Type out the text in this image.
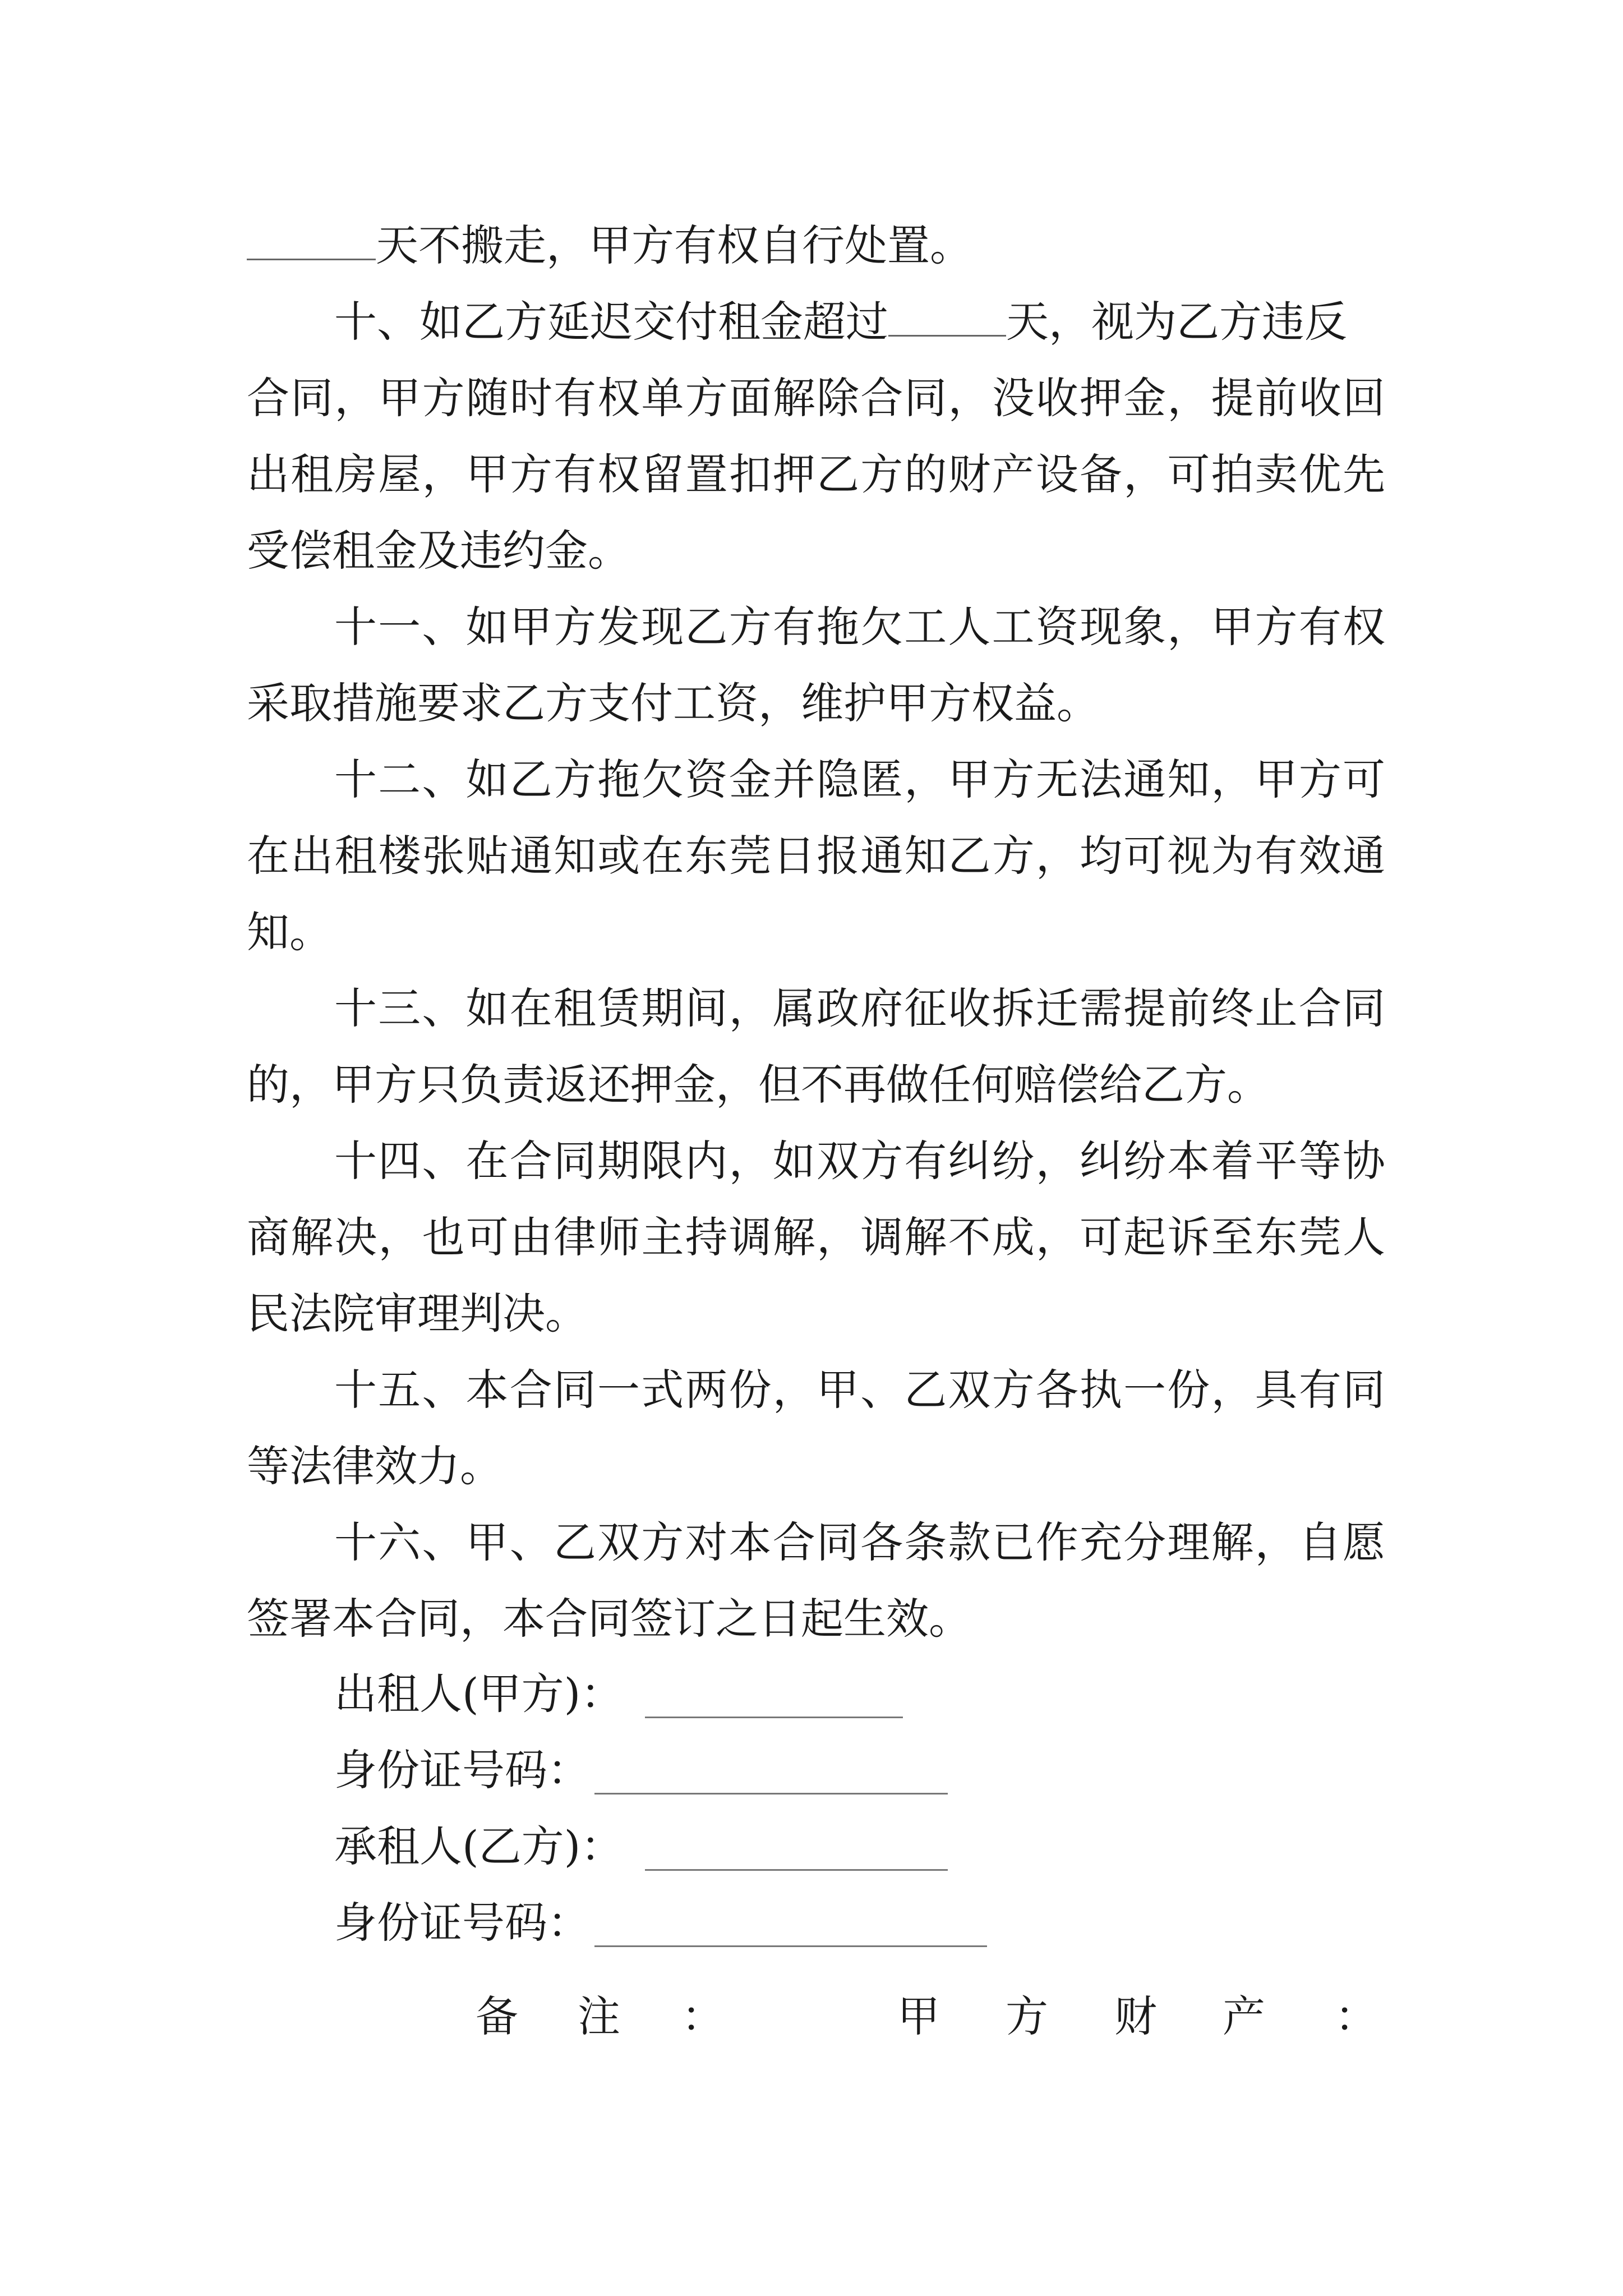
天不搬走，甲方有权自行处置。
十、如乙方延迟交付租金超过	天，视为乙方违反
合同，甲方随时有权单方面解除合同，没收押金，提前收回
出租房屋，甲方有权留置扣押乙方的财产设备，可拍卖优先
受偿租金及违约金。
十一、如甲方发现乙方有拖欠工人工资现象，甲方有权
采取措施要求乙方支付工资，维护甲方权益。
十二、如乙方拖欠资金并隐匿，甲方无法通知，甲方可
在出租楼张贴通知或在东莞日报通知乙方，均可视为有效通
知。
十三、如在租赁期间，属政府征收拆迁需提前终止合同
的，甲方只负责返还押金，但不再做任何赔偿给乙方。
十四、在合同期限内，如双方有纠纷，纠纷本着平等协
商解决，也可由律师主持调解，调解不成，可起诉至东莞人
民法院审理判决。
十五、本合同一式两份，甲、乙双方各执一份，具有同
等法律效力。
十六、甲、乙双方对本合同各条款已作充分理解，自愿
签署本合同，本合同签订之日起生效。
出租人(甲方)：
身份证号码：
承租人(乙方)：
身份证号码：
备 注 ：	甲 方 财 产 ：
